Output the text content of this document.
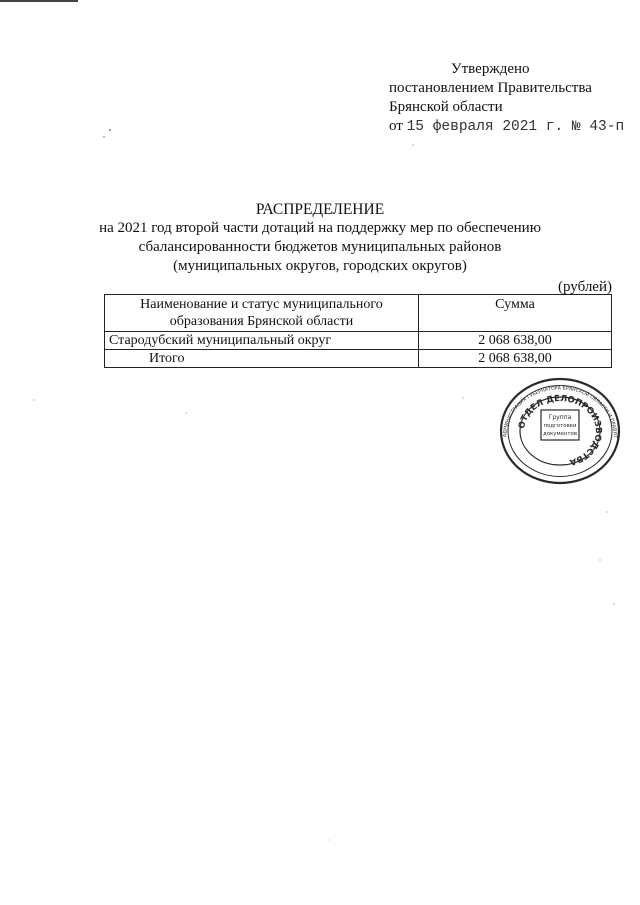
Утверждено
постановлением Правительства
Брянской области
от 15 февраля 2021 г. № 43-п
РАСПРЕДЕЛЕНИЕ
на 2021 год второй части дотаций на поддержку мер по обеспечению
сбалансированности бюджетов муниципальных районов
(муниципальных округов, городских округов)
(рублей)
Наименование и статус муниципального
образования Брянской области	Сумма
Стародубский муниципальный округ	2 068 638,00
Итого	2 068 638,00
АДМИНИСТРАЦИЯ ГУБЕРНАТОРА БРЯНСКОЙ ОБЛАСТИ И ПРАВИТ
ОТДЕЛ ДЕЛОПРОИЗВОДСТВА
Группа
подготовки
документов
